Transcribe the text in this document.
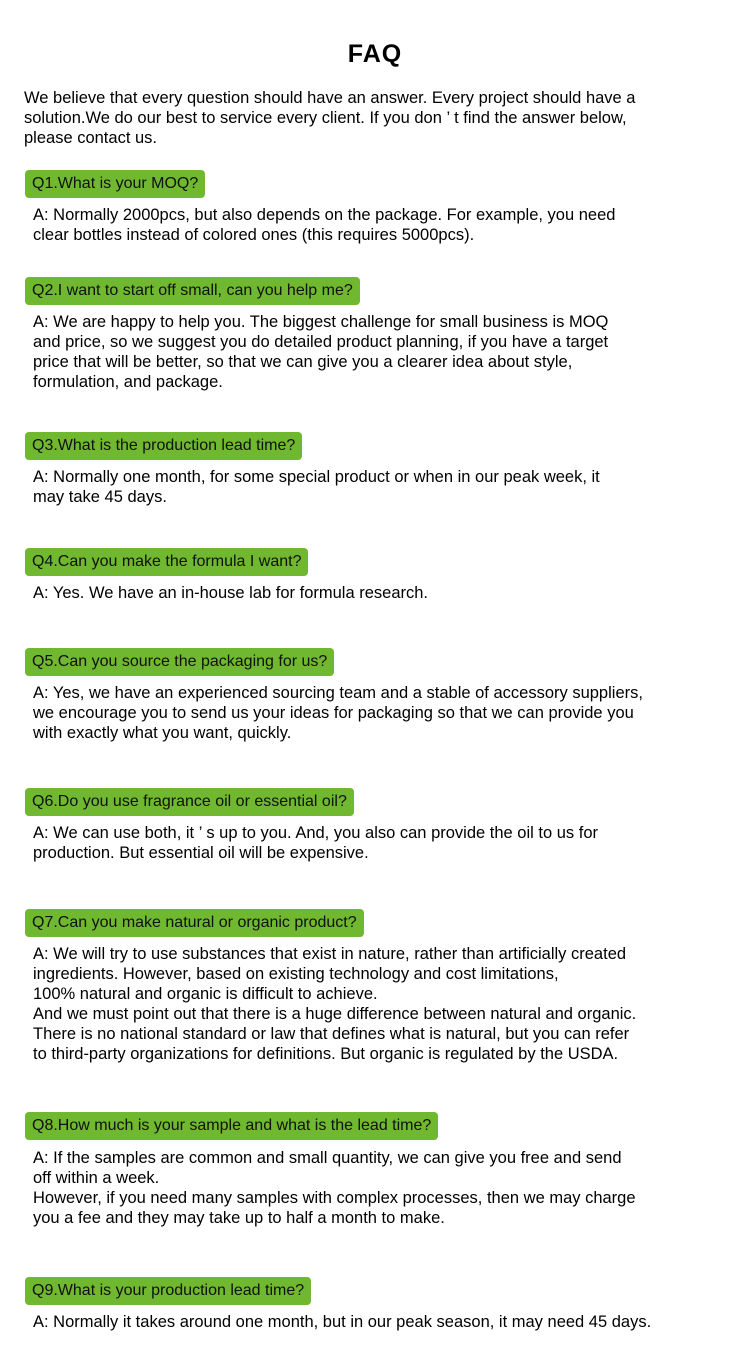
FAQ
We believe that every question should have an answer. Every project should have a
solution.We do our best to service every client. If you don ’ t find the answer below,
please contact us.
Q1.What is your MOQ?
A: Normally 2000pcs, but also depends on the package. For example, you need
clear bottles instead of colored ones (this requires 5000pcs).
Q2.I want to start off small, can you help me?
A: We are happy to help you. The biggest challenge for small business is MOQ
and price, so we suggest you do detailed product planning, if you have a target
price that will be better, so that we can give you a clearer idea about style,
formulation, and package.
Q3.What is the production lead time?
A: Normally one month, for some special product or when in our peak week, it
may take 45 days.
Q4.Can you make the formula I want?
A: Yes. We have an in-house lab for formula research.
Q5.Can you source the packaging for us?
A: Yes, we have an experienced sourcing team and a stable of accessory suppliers,
we encourage you to send us your ideas for packaging so that we can provide you
with exactly what you want, quickly.
Q6.Do you use fragrance oil or essential oil?
A: We can use both, it ’ s up to you. And, you also can provide the oil to us for
production. But essential oil will be expensive.
Q7.Can you make natural or organic product?
A: We will try to use substances that exist in nature, rather than artificially created
ingredients. However, based on existing technology and cost limitations,
100% natural and organic is difficult to achieve.
And we must point out that there is a huge difference between natural and organic.
There is no national standard or law that defines what is natural, but you can refer
to third-party organizations for definitions. But organic is regulated by the USDA.
Q8.How much is your sample and what is the lead time?
A: If the samples are common and small quantity, we can give you free and send
off within a week.
However, if you need many samples with complex processes, then we may charge
you a fee and they may take up to half a month to make.
Q9.What is your production lead time?
A: Normally it takes around one month, but in our peak season, it may need 45 days.
